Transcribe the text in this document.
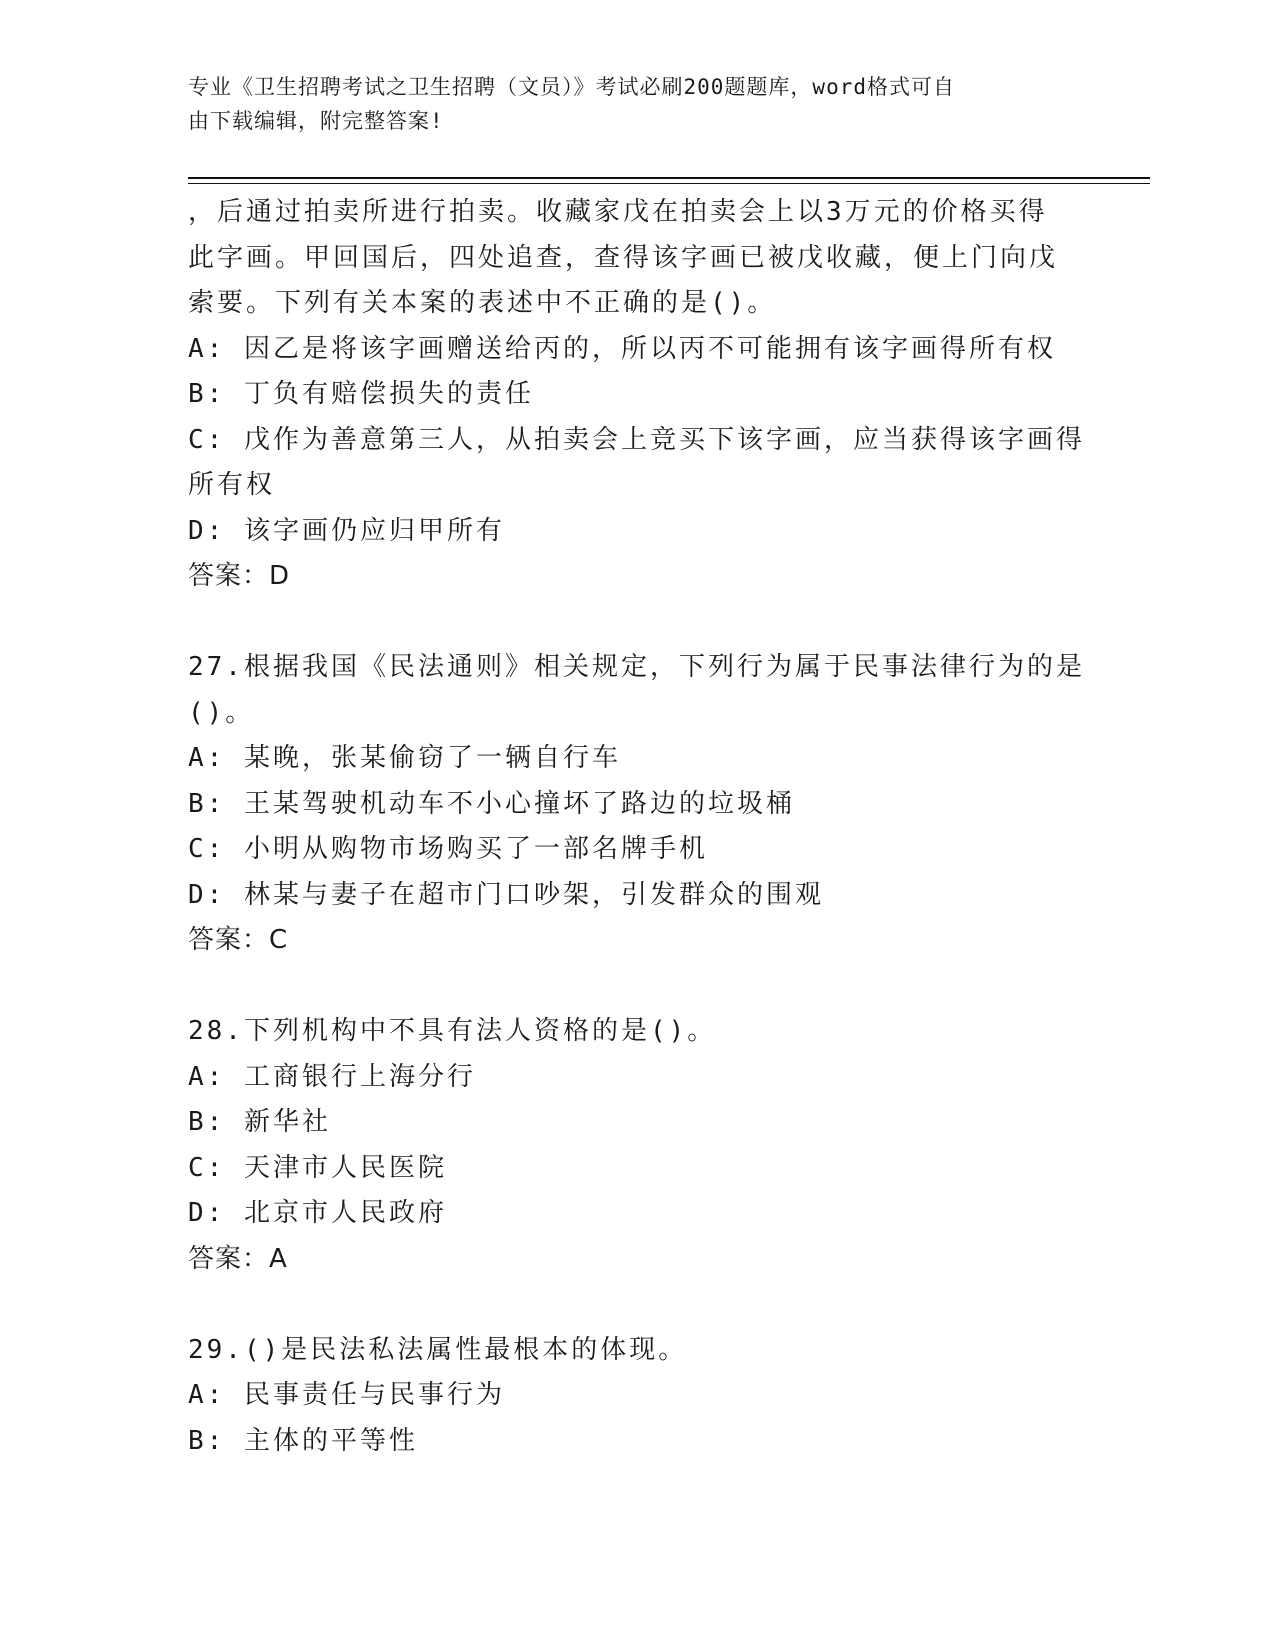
专业《卫生招聘考试之卫生招聘（文员）》考试必刷200题题库，word格式可自
由下载编辑，附完整答案!
，后通过拍卖所进行拍卖。收藏家戊在拍卖会上以3万元的价格买得
此字画。甲回国后，四处追查，查得该字画已被戊收藏，便上门向戊
索要。下列有关本案的表述中不正确的是()。
A: 因乙是将该字画赠送给丙的，所以丙不可能拥有该字画得所有权
B: 丁负有赔偿损失的责任
C: 戊作为善意第三人，从拍卖会上竞买下该字画，应当获得该字画得
所有权
D: 该字画仍应归甲所有
答案：D
27.根据我国《民法通则》相关规定，下列行为属于民事法律行为的是
()。
A: 某晚，张某偷窃了一辆自行车
B: 王某驾驶机动车不小心撞坏了路边的垃圾桶
C: 小明从购物市场购买了一部名牌手机
D: 林某与妻子在超市门口吵架，引发群众的围观
答案：C
28.下列机构中不具有法人资格的是()。
A: 工商银行上海分行
B: 新华社
C: 天津市人民医院
D: 北京市人民政府
答案：A
29.()是民法私法属性最根本的体现。
A: 民事责任与民事行为
B: 主体的平等性
